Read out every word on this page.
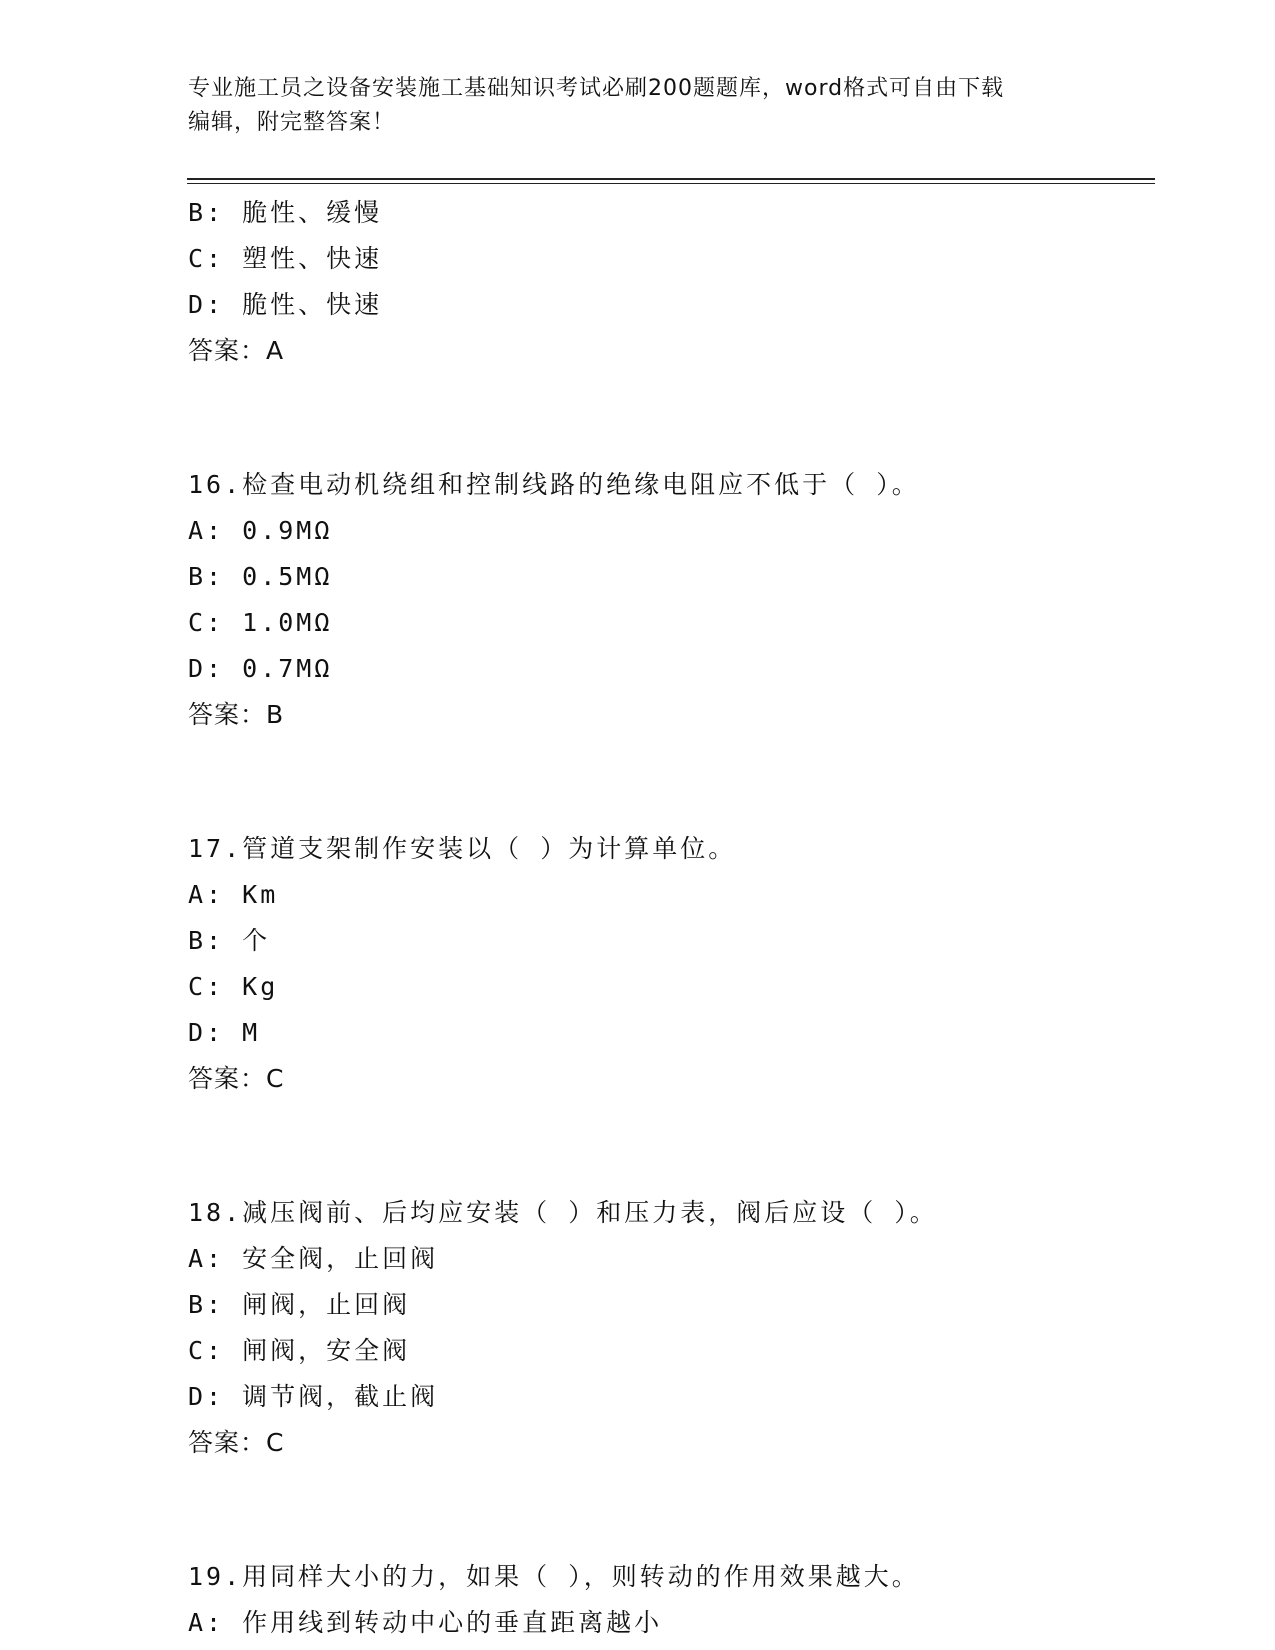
专业施工员之设备安装施工基础知识考试必刷200题题库，word格式可自由下载
编辑，附完整答案！
B: 脆性、缓慢
C: 塑性、快速
D: 脆性、快速
答案：A
16.检查电动机绕组和控制线路的绝缘电阻应不低于（ ）。
A: 0.9MΩ
B: 0.5MΩ
C: 1.0MΩ
D: 0.7MΩ
答案：B
17.管道支架制作安装以（ ）为计算单位。
A: Km
B: 个
C: Kg
D: M
答案：C
18.减压阀前、后均应安装（ ）和压力表，阀后应设（ ）。
A: 安全阀，止回阀
B: 闸阀，止回阀
C: 闸阀，安全阀
D: 调节阀，截止阀
答案：C
19.用同样大小的力，如果（ ），则转动的作用效果越大。
A: 作用线到转动中心的垂直距离越小
